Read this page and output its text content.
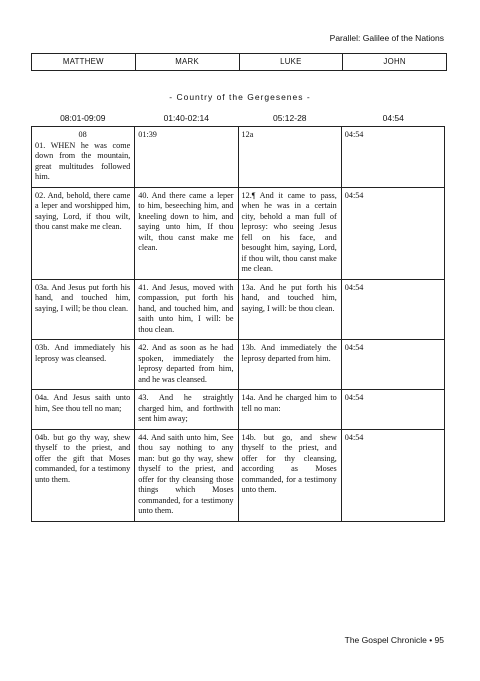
Parallel: Galilee of the Nations
MATTHEW	MARK	LUKE	JOHN
- Country of the Gergesenes -
08:01-09:09	01:40-02:14	05:12-28	04:54
08
01. WHEN he was come down from the mountain, great multitudes followed him.	01:39	12a	04:54
02. And, behold, there came a leper and worshipped him, saying, Lord, if thou wilt, thou canst make me clean.	40. And there came a leper to him, beseeching him, and kneeling down to him, and saying unto him, If thou wilt, thou canst make me clean.	12.¶ And it came to pass, when he was in a certain city, behold a man full of leprosy: who seeing Jesus fell on his face, and besought him, saying, Lord, if thou wilt, thou canst make me clean.	04:54
03a. And Jesus put forth his hand, and touched him, saying, I will; be thou clean.	41. And Jesus, moved with compassion, put forth his hand, and touched him, and saith unto him, I will: be thou clean.	13a. And he put forth his hand, and touched him, saying, I will: be thou clean.	04:54
03b. And immediately his leprosy was cleansed.	42. And as soon as he had spoken, immediately the leprosy departed from him, and he was cleansed.	13b. And immediately the leprosy departed from him.	04:54
04a. And Jesus saith unto him, See thou tell no man;	43. And he straightly charged him, and forthwith sent him away;	14a. And he charged him to tell no man:	04:54
04b. but go thy way, shew thyself to the priest, and offer the gift that Moses commanded, for a testimony unto them.	44. And saith unto him, See thou say nothing to any man: but go thy way, shew thyself to the priest, and offer for thy cleansing those things which Moses commanded, for a testimony unto them.	14b. but go, and shew thyself to the priest, and offer for thy cleansing, according as Moses commanded, for a testimony unto them.	04:54
The Gospel Chronicle • 95
